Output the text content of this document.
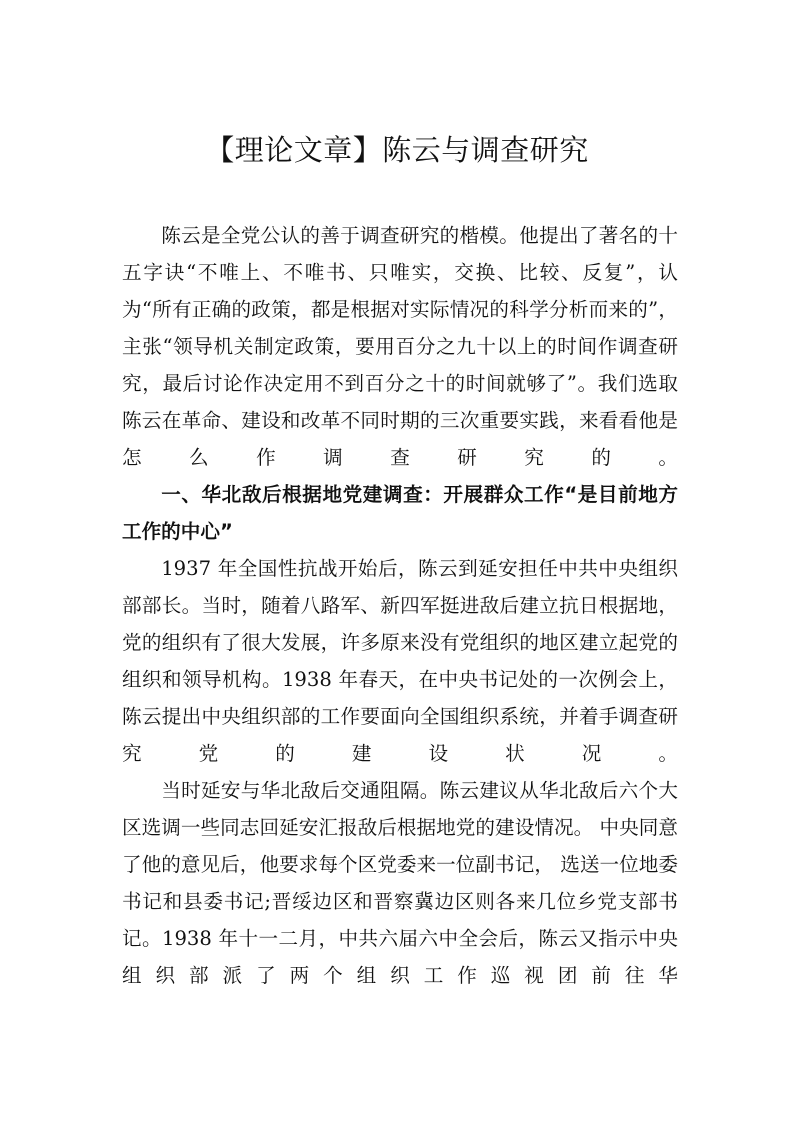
【理论文章】陈云与调查研究

陈云是全党公认的善于调查研究的楷模。他提出了著名的十五字诀“不唯上、不唯书、只唯实，交换、比较、反复”，认为“所有正确的政策，都是根据对实际情况的科学分析而来的”，主张“领导机关制定政策，要用百分之九十以上的时间作调查研究，最后讨论作决定用不到百分之十的时间就够了”。我们选取陈云在革命、建设和改革不同时期的三次重要实践，来看看他是怎么作调查研究的。

一、华北敌后根据地党建调查：开展群众工作“是目前地方工作的中心”

1937 年全国性抗战开始后，陈云到延安担任中共中央组织部部长。当时，随着八路军、新四军挺进敌后建立抗日根据地，党的组织有了很大发展，许多原来没有党组织的地区建立起党的组织和领导机构。1938 年春天，在中央书记处的一次例会上，陈云提出中央组织部的工作要面向全国组织系统，并着手调查研究党的建设状况。

当时延安与华北敌后交通阻隔。陈云建议从华北敌后六个大区选调一些同志回延安汇报敌后根据地党的建设情况。 中央同意了他的意见后，他要求每个区党委来一位副书记， 选送一位地委书记和县委书记;晋绥边区和晋察冀边区则各来几位乡党支部书记。1938 年十一二月，中共六届六中全会后，陈云又指示中央组织部派了两个组织工作巡视团前往华
